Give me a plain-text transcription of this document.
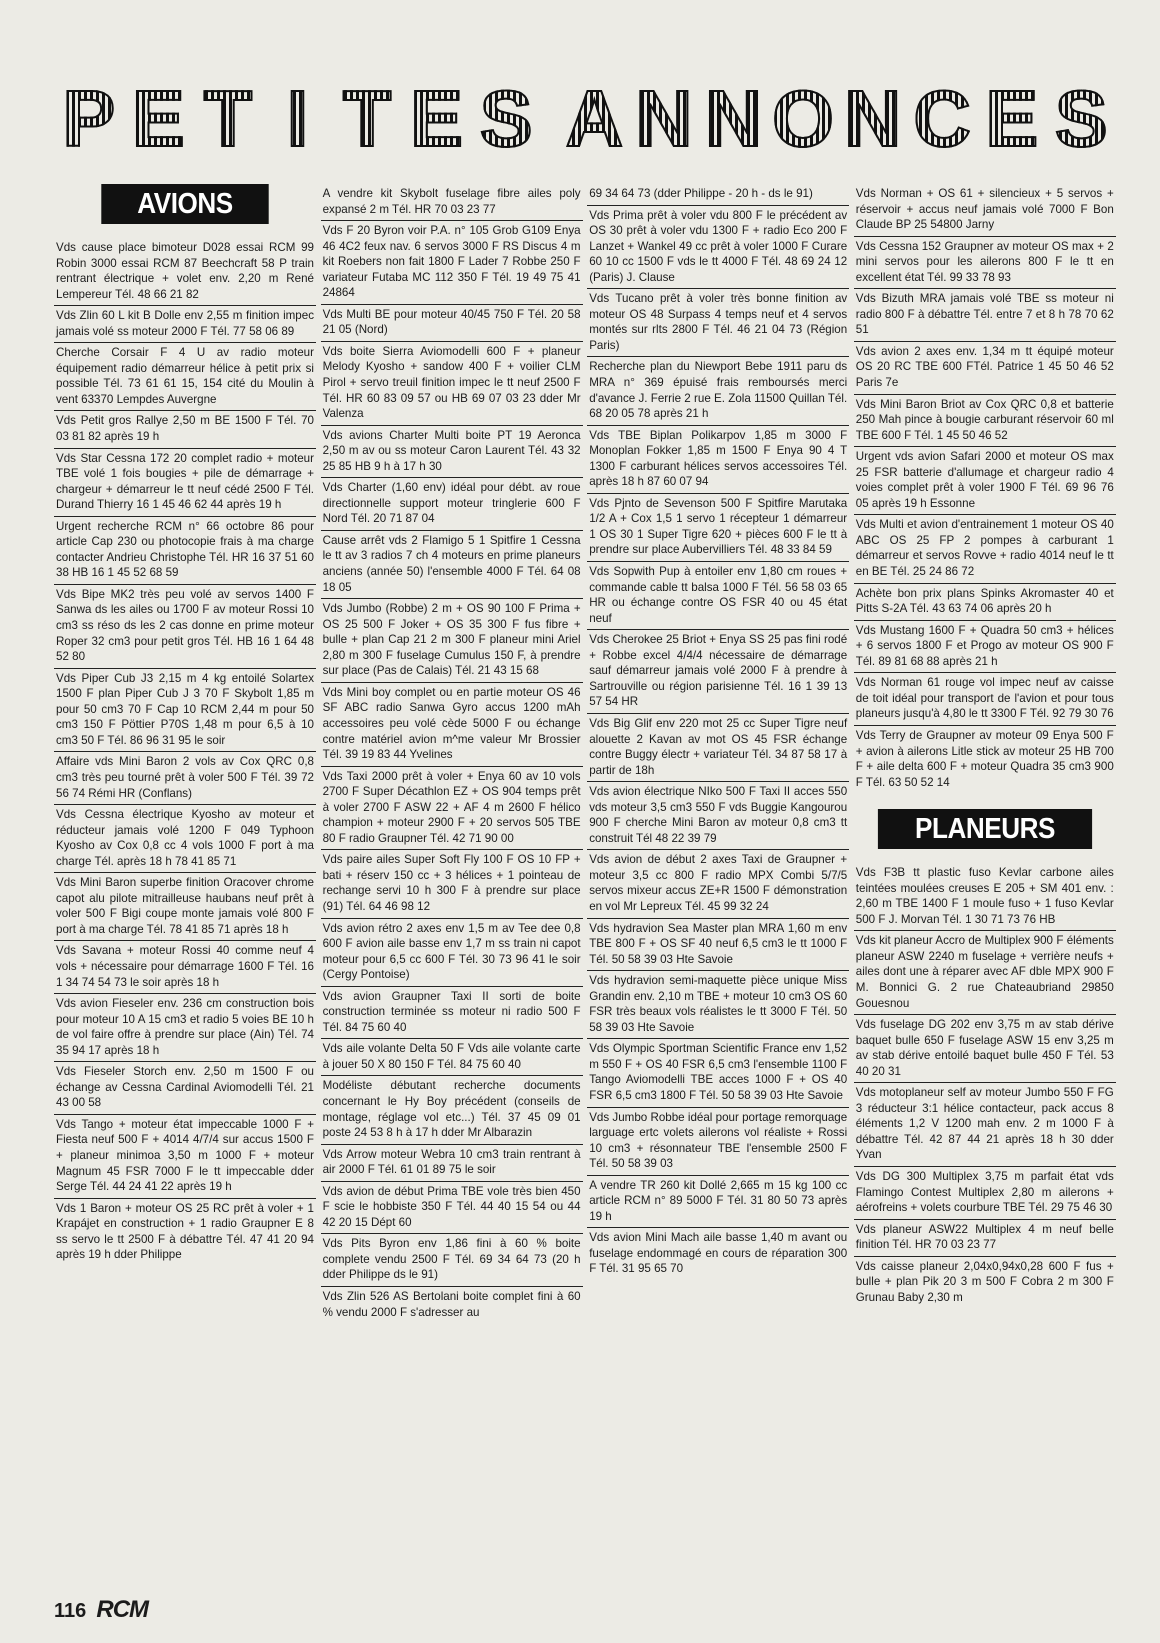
P E T I T E S A N N O N C E S
AVIONS
Vds cause place bimoteur D028 essai RCM 99 Robin 3000 essai RCM 87 Beechcraft 58 P train rentrant électrique + volet env. 2,20 m René Lempereur Tél. 48 66 21 82
Vds Zlin 60 L kit B Dolle env 2,55 m finition impec jamais volé ss moteur 2000 F Tél. 77 58 06 89
Cherche Corsair F 4 U av radio moteur équipement radio démarreur hélice à petit prix si possible Tél. 73 61 61 15, 154 cité du Moulin à vent 63370 Lempdes Auvergne
Vds Petit gros Rallye 2,50 m BE 1500 F Tél. 70 03 81 82 après 19 h
Vds Star Cessna 172 20 complet radio + moteur TBE volé 1 fois bougies + pile de démarrage + chargeur + démarreur le tt neuf cédé 2500 F Tél. Durand Thierry 16 1 45 46 62 44 après 19 h
Urgent recherche RCM n° 66 octobre 86 pour article Cap 230 ou photocopie frais à ma charge contacter Andrieu Christophe Tél. HR 16 37 51 60 38 HB 16 1 45 52 68 59
Vds Bipe MK2 très peu volé av servos 1400 F Sanwa ds les ailes ou 1700 F av moteur Rossi 10 cm3 ss réso ds les 2 cas donne en prime moteur Roper 32 cm3 pour petit gros Tél. HB 16 1 64 48 52 80
Vds Piper Cub J3 2,15 m 4 kg entoilé Solartex 1500 F plan Piper Cub J 3 70 F Skybolt 1,85 m pour 50 cm3 70 F Cap 10 RCM 2,44 m pour 50 cm3 150 F Pöttier P70S 1,48 m pour 6,5 à 10 cm3 50 F Tél. 86 96 31 95 le soir
Affaire vds Mini Baron 2 vols av Cox QRC 0,8 cm3 très peu tourné prêt à voler 500 F Tél. 39 72 56 74 Rémi HR (Conflans)
Vds Cessna électrique Kyosho av moteur et réducteur jamais volé 1200 F 049 Typhoon Kyosho av Cox 0,8 cc 4 vols 1000 F port à ma charge Tél. après 18 h 78 41 85 71
Vds Mini Baron superbe finition Oracover chrome capot alu pilote mitrailleuse haubans neuf prêt à voler 500 F Bigi coupe monte jamais volé 800 F port à ma charge Tél. 78 41 85 71 après 18 h
Vds Savana + moteur Rossi 40 comme neuf 4 vols + nécessaire pour démarrage 1600 F Tél. 16 1 34 74 54 73 le soir après 18 h
Vds avion Fieseler env. 236 cm construction bois pour moteur 10 A 15 cm3 et radio 5 voies BE 10 h de vol faire offre à prendre sur place (Ain) Tél. 74 35 94 17 après 18 h
Vds Fieseler Storch env. 2,50 m 1500 F ou échange av Cessna Cardinal Aviomodelli Tél. 21 43 00 58
Vds Tango + moteur état impeccable 1000 F + Fiesta neuf 500 F + 4014 4/7/4 sur accus 1500 F + planeur minimoa 3,50 m 1000 F + moteur Magnum 45 FSR 7000 F le tt impeccable dder Serge Tél. 44 24 41 22 après 19 h
Vds 1 Baron + moteur OS 25 RC prêt à voler + 1 Krapájet en construction + 1 radio Graupner E 8 ss servo le tt 2500 F à débattre Tél. 47 41 20 94 après 19 h dder Philippe
A vendre kit Skybolt fuselage fibre ailes poly expansé 2 m Tél. HR 70 03 23 77
Vds F 20 Byron voir P.A. n° 105 Grob G109 Enya 46 4C2 feux nav. 6 servos 3000 F RS Discus 4 m kit Roebers non fait 1800 F Lader 7 Robbe 250 F variateur Futaba MC 112 350 F Tél. 19 49 75 41 24864
Vds Multi BE pour moteur 40/45 750 F Tél. 20 58 21 05 (Nord)
Vds boite Sierra Aviomodelli 600 F + planeur Melody Kyosho + sandow 400 F + voilier CLM Pirol + servo treuil finition impec le tt neuf 2500 F Tél. HR 60 83 09 57 ou HB 69 07 03 23 dder Mr Valenza
Vds avions Charter Multi boite PT 19 Aeronca 2,50 m av ou ss moteur Caron Laurent Tél. 43 32 25 85 HB 9 h à 17 h 30
Vds Charter (1,60 env) idéal pour débt. av roue directionnelle support moteur tringlerie 600 F Nord Tél. 20 71 87 04
Cause arrêt vds 2 Flamigo 5 1 Spitfire 1 Cessna le tt av 3 radios 7 ch 4 moteurs en prime planeurs anciens (année 50) l'ensemble 4000 F Tél. 64 08 18 05
Vds Jumbo (Robbe) 2 m + OS 90 100 F Prima + OS 25 500 F Joker + OS 35 300 F fus fibre + bulle + plan Cap 21 2 m 300 F planeur mini Ariel 2,80 m 300 F fuselage Cumulus 150 F, à prendre sur place (Pas de Calais) Tél. 21 43 15 68
Vds Mini boy complet ou en partie moteur OS 46 SF ABC radio Sanwa Gyro accus 1200 mAh accessoires peu volé cède 5000 F ou échange contre matériel avion m^me valeur Mr Brossier Tél. 39 19 83 44 Yvelines
Vds Taxi 2000 prêt à voler + Enya 60 av 10 vols 2700 F Super Décathlon EZ + OS 904 temps prêt à voler 2700 F ASW 22 + AF 4 m 2600 F hélico champion + moteur 2900 F + 20 servos 505 TBE 80 F radio Graupner Tél. 42 71 90 00
Vds paire ailes Super Soft Fly 100 F OS 10 FP + bati + réserv 150 cc + 3 hélices + 1 pointeau de rechange servi 10 h 300 F à prendre sur place (91) Tél. 64 46 98 12
Vds avion rétro 2 axes env 1,5 m av Tee dee 0,8 600 F avion aile basse env 1,7 m ss train ni capot moteur pour 6,5 cc 600 F Tél. 30 73 96 41 le soir (Cergy Pontoise)
Vds avion Graupner Taxi II sorti de boite construction terminée ss moteur ni radio 500 F Tél. 84 75 60 40
Vds aile volante Delta 50 F Vds aile volante carte à jouer 50 X 80 150 F Tél. 84 75 60 40
Modéliste débutant recherche documents concernant le Hy Boy précédent (conseils de montage, réglage vol etc...) Tél. 37 45 09 01 poste 24 53 8 h à 17 h dder Mr Albarazin
Vds Arrow moteur Webra 10 cm3 train rentrant à air 2000 F Tél. 61 01 89 75 le soir
Vds avion de début Prima TBE vole très bien 450 F scie le hobbiste 350 F Tél. 44 40 15 54 ou 44 42 20 15 Dépt 60
Vds Pits Byron env 1,86 fini à 60 % boite complete vendu 2500 F Tél. 69 34 64 73 (20 h dder Philippe ds le 91)
Vds Zlin 526 AS Bertolani boite complet fini à 60 % vendu 2000 F s'adresser au
69 34 64 73 (dder Philippe - 20 h - ds le 91)
Vds Prima prêt à voler vdu 800 F le précédent av OS 30 prêt à voler vdu 1300 F + radio Eco 200 F Lanzet + Wankel 49 cc prêt à voler 1000 F Curare 60 10 cc 1500 F vds le tt 4000 F Tél. 48 69 24 12 (Paris) J. Clause
Vds Tucano prêt à voler très bonne finition av moteur OS 48 Surpass 4 temps neuf et 4 servos montés sur rlts 2800 F Tél. 46 21 04 73 (Région Paris)
Recherche plan du Niewport Bebe 1911 paru ds MRA n° 369 épuisé frais remboursés merci d'avance J. Ferrie 2 rue E. Zola 11500 Quillan Tél. 68 20 05 78 après 21 h
Vds TBE Biplan Polikarpov 1,85 m 3000 F Monoplan Fokker 1,85 m 1500 F Enya 90 4 T 1300 F carburant hélices servos accessoires Tél. après 18 h 87 60 07 94
Vds Pjnto de Sevenson 500 F Spitfire Marutaka 1/2 A + Cox 1,5 1 servo 1 récepteur 1 démarreur 1 OS 30 1 Super Tigre 620 + pièces 600 F le tt à prendre sur place Aubervilliers Tél. 48 33 84 59
Vds Sopwith Pup à entoiler env 1,80 cm roues + commande cable tt balsa 1000 F Tél. 56 58 03 65 HR ou échange contre OS FSR 40 ou 45 état neuf
Vds Cherokee 25 Briot + Enya SS 25 pas fini rodé + Robbe excel 4/4/4 nécessaire de démarrage sauf démarreur jamais volé 2000 F à prendre à Sartrouville ou région parisienne Tél. 16 1 39 13 57 54 HR
Vds Big Glif env 220 mot 25 cc Super Tigre neuf alouette 2 Kavan av mot OS 45 FSR échange contre Buggy électr + variateur Tél. 34 87 58 17 à partir de 18h
Vds avion électrique NIko 500 F Taxi II acces 550 vds moteur 3,5 cm3 550 F vds Buggie Kangourou 900 F cherche Mini Baron av moteur 0,8 cm3 tt construit Tél 48 22 39 79
Vds avion de début 2 axes Taxi de Graupner + moteur 3,5 cc 800 F radio MPX Combi 5/7/5 servos mixeur accus ZE+R 1500 F démonstration en vol Mr Lepreux Tél. 45 99 32 24
Vds hydravion Sea Master plan MRA 1,60 m env TBE 800 F + OS SF 40 neuf 6,5 cm3 le tt 1000 F Tél. 50 58 39 03 Hte Savoie
Vds hydravion semi-maquette pièce unique Miss Grandin env. 2,10 m TBE + moteur 10 cm3 OS 60 FSR très beaux vols réalistes le tt 3000 F Tél. 50 58 39 03 Hte Savoie
Vds Olympic Sportman Scientific France env 1,52 m 550 F + OS 40 FSR 6,5 cm3 l'ensemble 1100 F Tango Aviomodelli TBE acces 1000 F + OS 40 FSR 6,5 cm3 1800 F Tél. 50 58 39 03 Hte Savoie
Vds Jumbo Robbe idéal pour portage remorquage larguage ertc volets ailerons vol réaliste + Rossi 10 cm3 + résonnateur TBE l'ensemble 2500 F Tél. 50 58 39 03
A vendre TR 260 kit Dollé 2,665 m 15 kg 100 cc article RCM n° 89 5000 F Tél. 31 80 50 73 après 19 h
Vds avion Mini Mach aile basse 1,40 m avant ou fuselage endommagé en cours de réparation 300 F Tél. 31 95 65 70
Vds Norman + OS 61 + silencieux + 5 servos + réservoir + accus neuf jamais volé 7000 F Bon Claude BP 25 54800 Jarny
Vds Cessna 152 Graupner av moteur OS max + 2 mini servos pour les ailerons 800 F le tt en excellent état Tél. 99 33 78 93
Vds Bizuth MRA jamais volé TBE ss moteur ni radio 800 F à débattre Tél. entre 7 et 8 h 78 70 62 51
Vds avion 2 axes env. 1,34 m tt équipé moteur OS 20 RC TBE 600 FTél. Patrice 1 45 50 46 52 Paris 7e
Vds Mini Baron Briot av Cox QRC 0,8 et batterie 250 Mah pince à bougie carburant réservoir 60 ml TBE 600 F Tél. 1 45 50 46 52
Urgent vds avion Safari 2000 et moteur OS max 25 FSR batterie d'allumage et chargeur radio 4 voies complet prêt à voler 1900 F Tél. 69 96 76 05 après 19 h Essonne
Vds Multi et avion d'entrainement 1 moteur OS 40 ABC OS 25 FP 2 pompes à carburant 1 démarreur et servos Rovve + radio 4014 neuf le tt en BE Tél. 25 24 86 72
Achète bon prix plans Spinks Akromaster 40 et Pitts S-2A Tél. 43 63 74 06 après 20 h
Vds Mustang 1600 F + Quadra 50 cm3 + hélices + 6 servos 1800 F et Progo av moteur OS 900 F Tél. 89 81 68 88 après 21 h
Vds Norman 61 rouge vol impec neuf av caisse de toit idéal pour transport de l'avion et pour tous planeurs jusqu'à 4,80 le tt 3300 F Tél. 92 79 30 76
Vds Terry de Graupner av moteur 09 Enya 500 F + avion à ailerons Litle stick av moteur 25 HB 700 F + aile delta 600 F + moteur Quadra 35 cm3 900 F Tél. 63 50 52 14
PLANEURS
Vds F3B tt plastic fuso Kevlar carbone ailes teintées moulées creuses E 205 + SM 401 env. : 2,60 m TBE 1400 F 1 moule fuso + 1 fuso Kevlar 500 F J. Morvan Tél. 1 30 71 73 76 HB
Vds kit planeur Accro de Multiplex 900 F éléments planeur ASW 2240 m fuselage + verrière neufs + ailes dont une à réparer avec AF dble MPX 900 F M. Bonnici G. 2 rue Chateaubriand 29850 Gouesnou
Vds fuselage DG 202 env 3,75 m av stab dérive baquet bulle 650 F fuselage ASW 15 env 3,25 m av stab dérive entoilé baquet bulle 450 F Tél. 53 40 20 31
Vds motoplaneur self av moteur Jumbo 550 F FG 3 réducteur 3:1 hélice contacteur, pack accus 8 éléments 1,2 V 1200 mah env. 2 m 1000 F à débattre Tél. 42 87 44 21 après 18 h 30 dder Yvan
Vds DG 300 Multiplex 3,75 m parfait état vds Flamingo Contest Multiplex 2,80 m ailerons + aérofreins + volets courbure TBE Tél. 29 75 46 30
Vds planeur ASW22 Multiplex 4 m neuf belle finition Tél. HR 70 03 23 77
Vds caisse planeur 2,04x0,94x0,28 600 F fus + bulle + plan Pik 20 3 m 500 F Cobra 2 m 300 F Grunau Baby 2,30 m
116 RCM
